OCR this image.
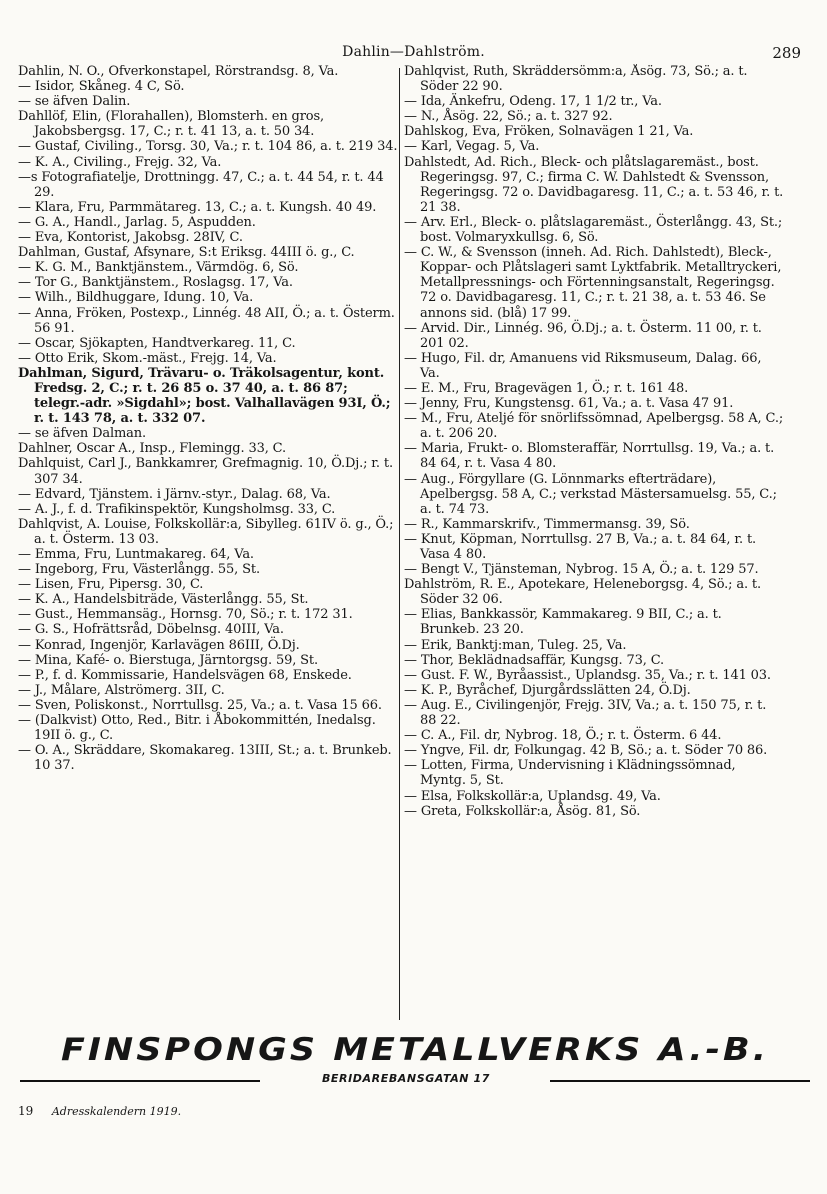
Dahlin—Dahlström.	289
Dahlin, N. O., Öfverkonstapel, Rörstrandsg. 8, Va.
— Isidor, Skåneg. 4 C, Sö.
— se äfven Dalin.
Dahllöf, Elin, (Florahallen), Blomsterh. en gros, Jakobsbergsg. 17, C.; r. t. 41 13, a. t. 50 34.
— Gustaf, Civiling., Torsg. 30, Va.; r. t. 104 86, a. t. 219 34.
— K. A., Civiling., Frejg. 32, Va.
—s Fotografiatelje, Drottningg. 47, C.; a. t. 44 54, r. t. 44 29.
— Klara, Fru, Parmmätareg. 13, C.; a. t. Kungsh. 40 49.
— G. A., Handl., Jarlag. 5, Aspudden.
— Eva, Kontorist, Jakobsg. 28IV, C.
Dahlman, Gustaf, Afsynare, S:t Eriksg. 44III ö. g., C.
— K. G. M., Banktjänstem., Värmdög. 6, Sö.
— Tor G., Banktjänstem., Roslagsg. 17, Va.
— Wilh., Bildhuggare, Idung. 10, Va.
— Anna, Fröken, Postexp., Linnég. 48 AII, Ö.; a. t. Österm. 56 91.
— Oscar, Sjökapten, Handtverkareg. 11, C.
— Otto Erik, Skom.-mäst., Frejg. 14, Va.
Dahlman, Sigurd, Trävaru- o. Träkolsagentur, kont. Fredsg. 2, C.; r. t. 26 85 o. 37 40, a. t. 86 87; telegr.-adr. »Sigdahl»; bost. Valhallavägen 93I, Ö.; r. t. 143 78, a. t. 332 07.
— se äfven Dalman.
Dahlner, Oscar A., Insp., Flemingg. 33, C.
Dahlquist, Carl J., Bankkamrer, Grefmagnig. 10, Ö.Dj.; r. t. 307 34.
— Edvard, Tjänstem. i Järnv.-styr., Dalag. 68, Va.
— A. J., f. d. Trafikinspektör, Kungsholmsg. 33, C.
Dahlqvist, A. Louise, Folkskollär:a, Sibylleg. 61IV ö. g., Ö.; a. t. Österm. 13 03.
— Emma, Fru, Luntmakareg. 64, Va.
— Ingeborg, Fru, Västerlångg. 55, St.
— Lisen, Fru, Pipersg. 30, C.
— K. A., Handelsbiträde, Västerlångg. 55, St.
— Gust., Hemmansäg., Hornsg. 70, Sö.; r. t. 172 31.
— G. S., Hofrättsråd, Döbelnsg. 40III, Va.
— Konrad, Ingenjör, Karlavägen 86III, Ö.Dj.
— Mina, Kafé- o. Bierstuga, Järntorgsg. 59, St.
— P., f. d. Kommissarie, Handelsvägen 68, Enskede.
— J., Målare, Alströmerg. 3II, C.
— Sven, Poliskonst., Norrtullsg. 25, Va.; a. t. Vasa 15 66.
— (Dalkvist) Otto, Red., Bitr. i Åbokommittén, Inedalsg. 19II ö. g., C.
— O. A., Skräddare, Skomakareg. 13III, St.; a. t. Brunkeb. 10 37.
Dahlqvist, Ruth, Skräddersömm:a, Åsög. 73, Sö.; a. t. Söder 22 90.
— Ida, Änkefru, Odeng. 17, 1 1/2 tr., Va.
— N., Åsög. 22, Sö.; a. t. 327 92.
Dahlskog, Eva, Fröken, Solnavägen 1 21, Va.
— Karl, Vegag. 5, Va.
Dahlstedt, Ad. Rich., Bleck- och plåtslagaremäst., bost. Regeringsg. 97, C.; firma C. W. Dahlstedt & Svensson, Regeringsg. 72 o. Davidbagaresg. 11, C.; a. t. 53 46, r. t. 21 38.
— Arv. Erl., Bleck- o. plåtslagaremäst., Österlångg. 43, St.; bost. Volmaryxkullsg. 6, Sö.
— C. W., & Svensson (inneh. Ad. Rich. Dahlstedt), Bleck-, Koppar- och Plåtslageri samt Lyktfabrik. Metalltryckeri, Metallpressnings- och Förtenningsanstalt, Regeringsg. 72 o. Davidbagaresg. 11, C.; r. t. 21 38, a. t. 53 46. Se annons sid. (blå) 17 99.
— Arvid. Dir., Linnég. 96, Ö.Dj.; a. t. Österm. 11 00, r. t. 201 02.
— Hugo, Fil. dr, Amanuens vid Riksmuseum, Dalag. 66, Va.
— E. M., Fru, Bragevägen 1, Ö.; r. t. 161 48.
— Jenny, Fru, Kungstensg. 61, Va.; a. t. Vasa 47 91.
— M., Fru, Ateljé för snörlifssömnad, Apelbergsg. 58 A, C.; a. t. 206 20.
— Maria, Frukt- o. Blomsteraffär, Norrtullsg. 19, Va.; a. t. 84 64, r. t. Vasa 4 80.
— Aug., Förgyllare (G. Lönnmarks efterträdare), Apelbergsg. 58 A, C.; verkstad Mästersamuelsg. 55, C.; a. t. 74 73.
— R., Kammarskrifv., Timmermansg. 39, Sö.
— Knut, Köpman, Norrtullsg. 27 B, Va.; a. t. 84 64, r. t. Vasa 4 80.
— Bengt V., Tjänsteman, Nybrog. 15 A, Ö.; a. t. 129 57.
Dahlström, R. E., Apotekare, Heleneborgsg. 4, Sö.; a. t. Söder 32 06.
— Elias, Bankkassör, Kammakareg. 9 BII, C.; a. t. Brunkeb. 23 20.
— Erik, Banktj:man, Tuleg. 25, Va.
— Thor, Beklädnadsaffär, Kungsg. 73, C.
— Gust. F. W., Byråassist., Uplandsg. 35, Va.; r. t. 141 03.
— K. P., Byråchef, Djurgårdsslätten 24, Ö.Dj.
— Aug. E., Civilingenjör, Frejg. 3IV, Va.; a. t. 150 75, r. t. 88 22.
— C. A., Fil. dr, Nybrog. 18, Ö.; r. t. Österm. 6 44.
— Yngve, Fil. dr, Folkungag. 42 B, Sö.; a. t. Söder 70 86.
— Lotten, Firma, Undervisning i Klädningssömnad, Myntg. 5, St.
— Elsa, Folkskollär:a, Uplandsg. 49, Va.
— Greta, Folkskollär:a, Åsög. 81, Sö.
FINSPONGS METALLVERKS A.-B.
BERIDAREBANSGATAN 17
19 Adresskalendern 1919.
